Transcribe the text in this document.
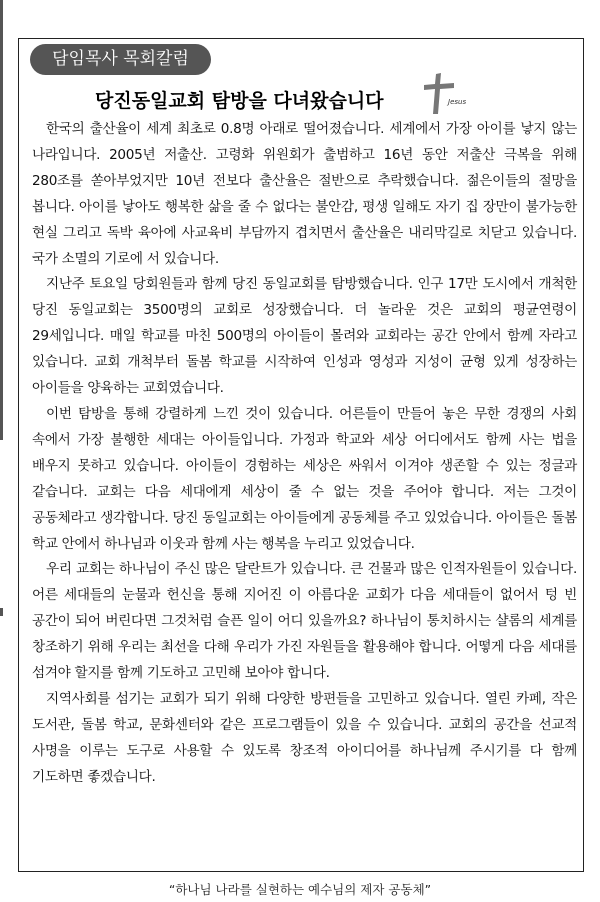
담임목사 목회칼럼
당진동일교회 탐방을 다녀왔습니다	Jesus

한국의 출산율이 세계 최초로 0.8명 아래로 떨어졌습니다. 세계에서 가장 아이를 낳지 않는 나라입니다. 2005년 저출산. 고령화 위원회가 출범하고 16년 동안 저출산 극복을 위해 280조를 쏟아부었지만 10년 전보다 출산율은 절반으로 추락했습니다. 젊은이들의 절망을 봅니다. 아이를 낳아도 행복한 삶을 줄 수 없다는 불안감, 평생 일해도 자기 집 장만이 불가능한 현실 그리고 독박 육아에 사교육비 부담까지 겹치면서 출산율은 내리막길로 치닫고 있습니다. 국가 소멸의 기로에 서 있습니다.

지난주 토요일 당회원들과 함께 당진 동일교회를 탐방했습니다. 인구 17만 도시에서 개척한 당진 동일교회는 3500명의 교회로 성장했습니다. 더 놀라운 것은 교회의 평균연령이 29세입니다. 매일 학교를 마친 500명의 아이들이 몰려와 교회라는 공간 안에서 함께 자라고 있습니다. 교회 개척부터 돌봄 학교를 시작하여 인성과 영성과 지성이 균형 있게 성장하는 아이들을 양육하는 교회였습니다.

이번 탐방을 통해 강렬하게 느낀 것이 있습니다. 어른들이 만들어 놓은 무한 경쟁의 사회 속에서 가장 불행한 세대는 아이들입니다. 가정과 학교와 세상 어디에서도 함께 사는 법을 배우지 못하고 있습니다. 아이들이 경험하는 세상은 싸워서 이겨야 생존할 수 있는 정글과 같습니다. 교회는 다음 세대에게 세상이 줄 수 없는 것을 주어야 합니다. 저는 그것이 공동체라고 생각합니다. 당진 동일교회는 아이들에게 공동체를 주고 있었습니다. 아이들은 돌봄 학교 안에서 하나님과 이웃과 함께 사는 행복을 누리고 있었습니다.

우리 교회는 하나님이 주신 많은 달란트가 있습니다. 큰 건물과 많은 인적자원들이 있습니다. 어른 세대들의 눈물과 헌신을 통해 지어진 이 아름다운 교회가 다음 세대들이 없어서 텅 빈 공간이 되어 버린다면 그것처럼 슬픈 일이 어디 있을까요? 하나님이 통치하시는 샬롬의 세계를 창조하기 위해 우리는 최선을 다해 우리가 가진 자원들을 활용해야 합니다. 어떻게 다음 세대를 섬겨야 할지를 함께 기도하고 고민해 보아야 합니다.

지역사회를 섬기는 교회가 되기 위해 다양한 방편들을 고민하고 있습니다. 열린 카페, 작은 도서관, 돌봄 학교, 문화센터와 같은 프로그램들이 있을 수 있습니다. 교회의 공간을 선교적 사명을 이루는 도구로 사용할 수 있도록 창조적 아이디어를 하나님께 주시기를 다 함께 기도하면 좋겠습니다.

“하나님 나라를 실현하는 예수님의 제자 공동체”
